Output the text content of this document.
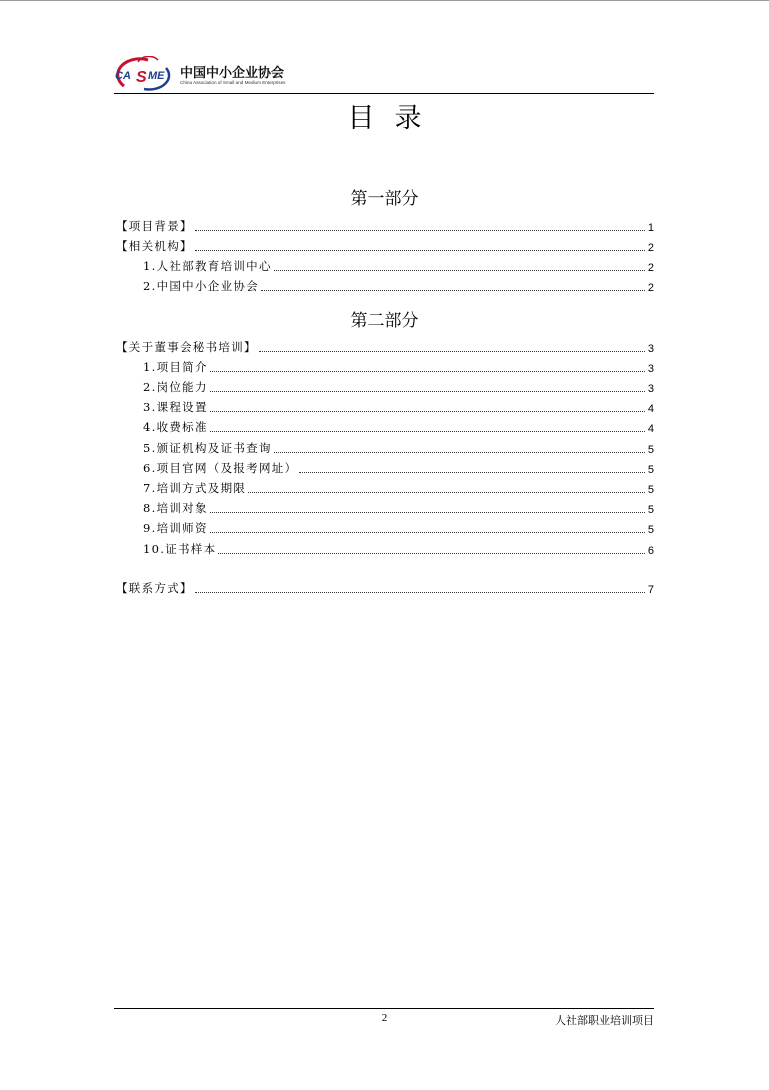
CA S ME 中国中小企业协会
China Association of Small and Medium Enterprises
目录
第一部分
【项目背景】	1
【相关机构】	2
1.人社部教育培训中心	2
2.中国中小企业协会	2
第二部分
【关于董事会秘书培训】	3
1.项目简介	3
2.岗位能力	3
3.课程设置	4
4.收费标准	4
5.颁证机构及证书查询	5
6.项目官网（及报考网址）	5
7.培训方式及期限	5
8.培训对象	5
9.培训师资	5
10.证书样本	6
【联系方式】	7
2	人社部职业培训项目
